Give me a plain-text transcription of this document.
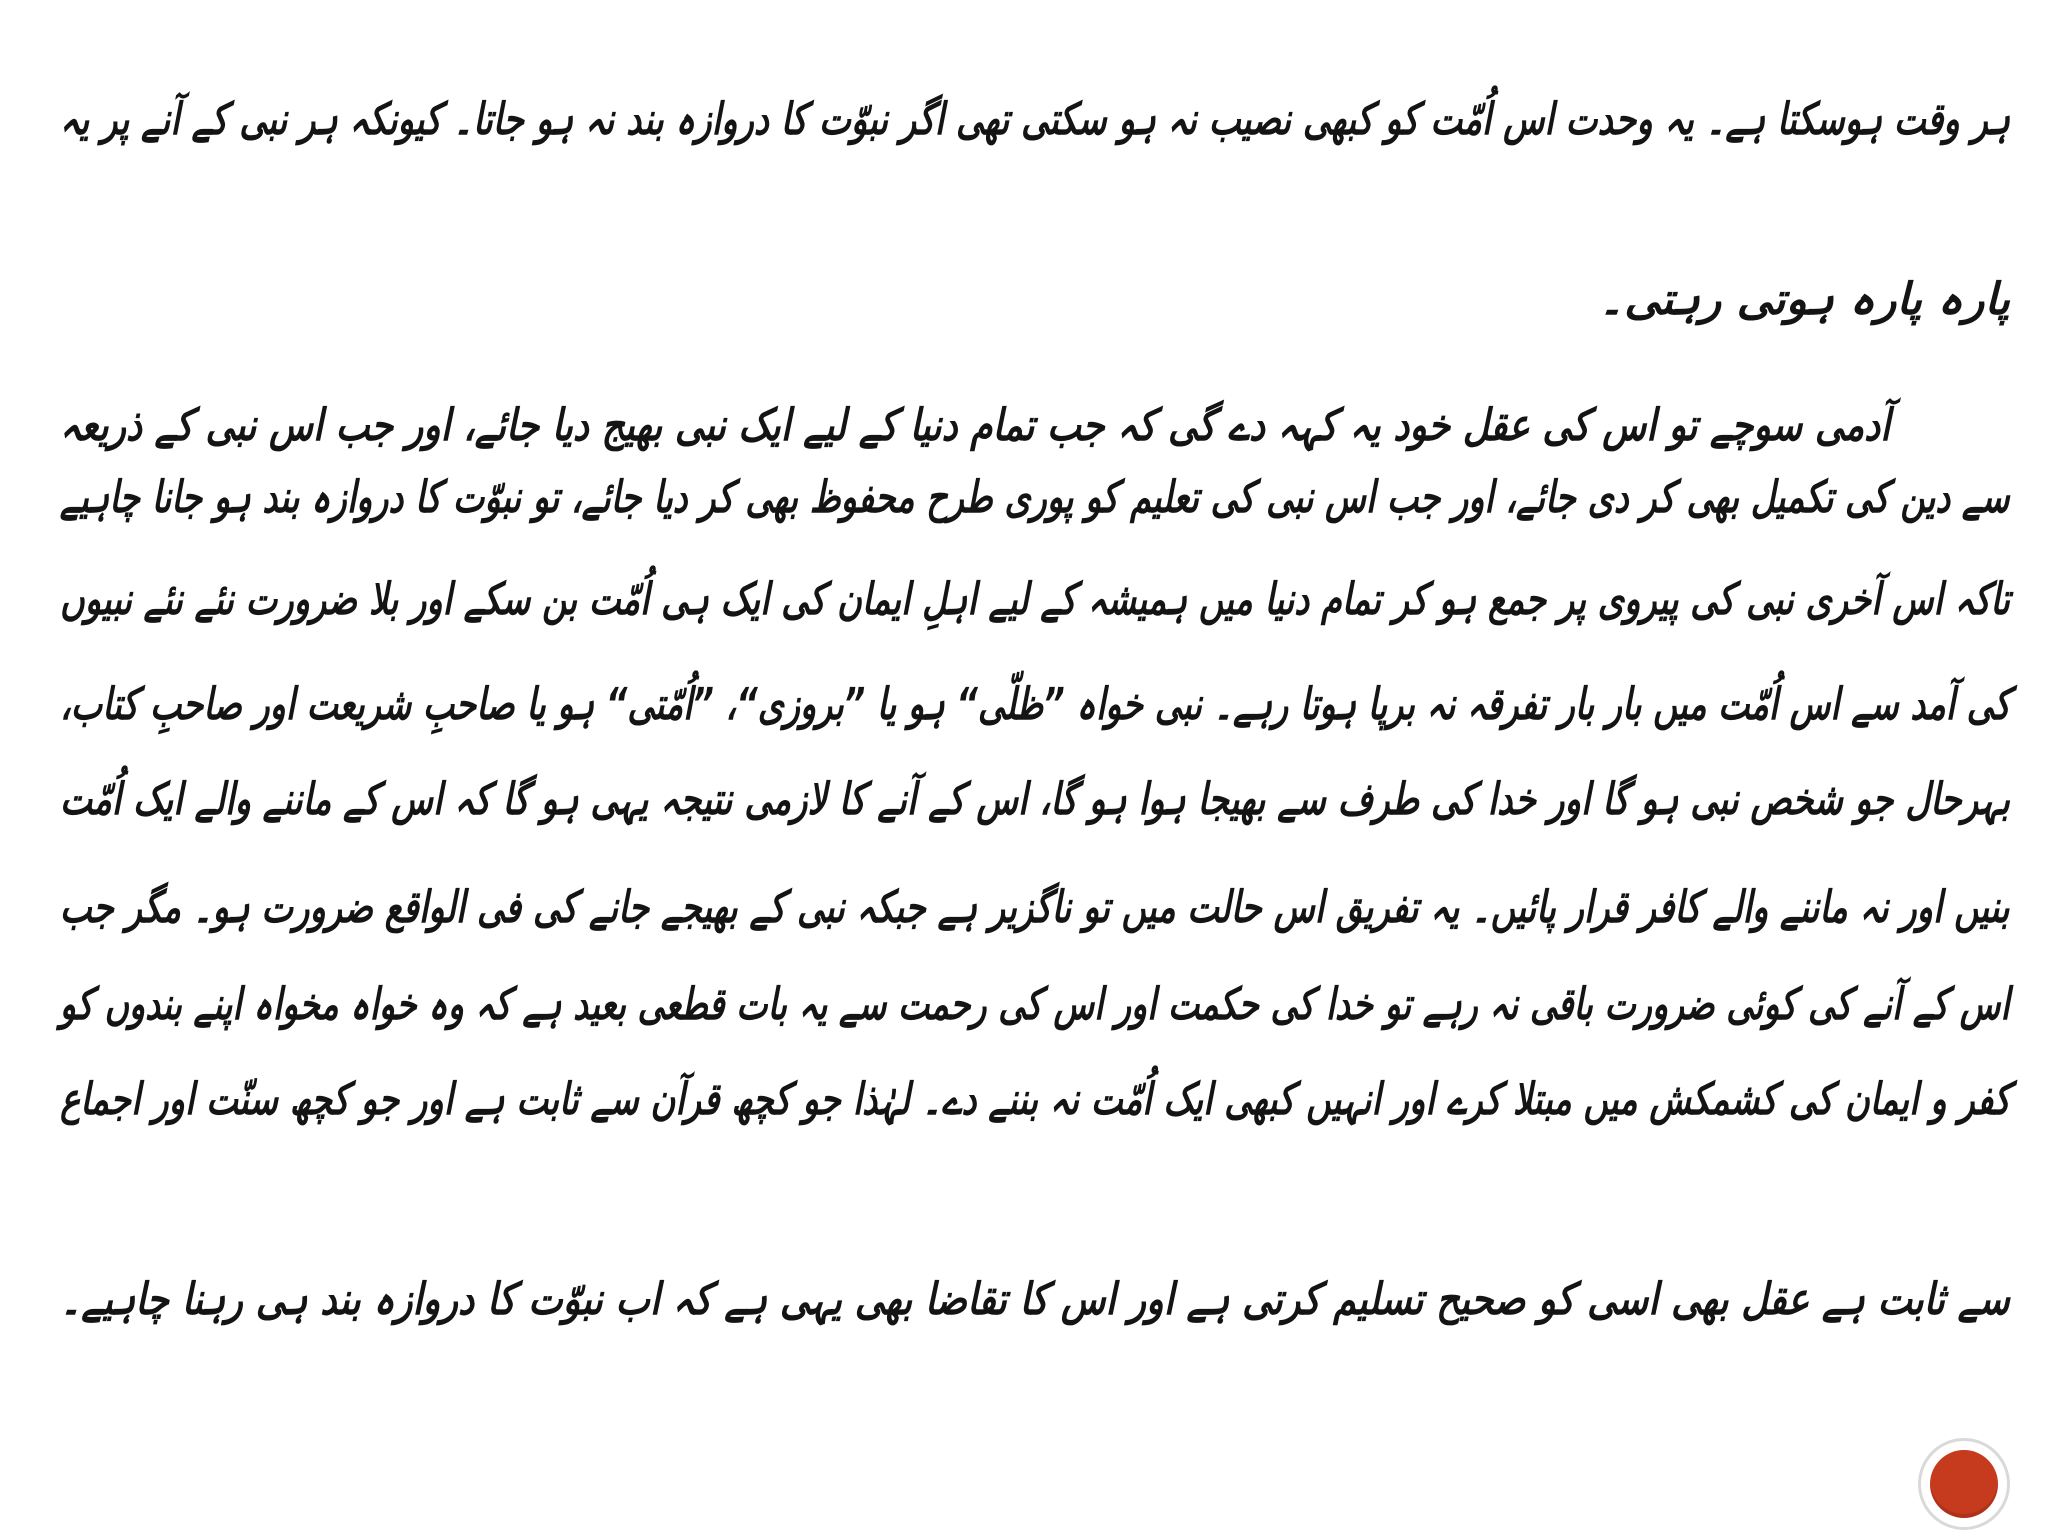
ہر وقت ہوسکتا ہے۔ یہ وحدت اس اُمّت کو کبھی نصیب نہ ہو سکتی تھی اگر نبوّت کا دروازہ بند نہ ہو جاتا۔ کیونکہ ہر نبی کے آنے پر یہ
پارہ پارہ ہوتی رہتی۔
آدمی سوچے تو اس کی عقل خود یہ کہہ دے گی کہ جب تمام دنیا کے لیے ایک نبی بھیج دیا جائے، اور جب اس نبی کے ذریعہ
سے دین کی تکمیل بھی کر دی جائے، اور جب اس نبی کی تعلیم کو پوری طرح محفوظ بھی کر دیا جائے، تو نبوّت کا دروازہ بند ہو جانا چاہیے
تاکہ اس آخری نبی کی پیروی پر جمع ہو کر تمام دنیا میں ہمیشہ کے لیے اہلِ ایمان کی ایک ہی اُمّت بن سکے اور بلا ضرورت نئے نئے نبیوں
کی آمد سے اس اُمّت میں بار بار تفرقہ نہ برپا ہوتا رہے۔ نبی خواہ ”ظلّی“ ہو یا ”بروزی“، ”اُمّتی“ ہو یا صاحبِ شریعت اور صاحبِ کتاب،
بہرحال جو شخص نبی ہو گا اور خدا کی طرف سے بھیجا ہوا ہو گا، اس کے آنے کا لازمی نتیجہ یہی ہو گا کہ اس کے ماننے والے ایک اُمّت
بنیں اور نہ ماننے والے کافر قرار پائیں۔ یہ تفریق اس حالت میں تو ناگزیر ہے جبکہ نبی کے بھیجے جانے کی فی الواقع ضرورت ہو۔ مگر جب
اس کے آنے کی کوئی ضرورت باقی نہ رہے تو خدا کی حکمت اور اس کی رحمت سے یہ بات قطعی بعید ہے کہ وہ خواہ مخواہ اپنے بندوں کو
کفر و ایمان کی کشمکش میں مبتلا کرے اور انہیں کبھی ایک اُمّت نہ بننے دے۔ لہٰذا جو کچھ قرآن سے ثابت ہے اور جو کچھ سنّت اور اجماع
سے ثابت ہے عقل بھی اسی کو صحیح تسلیم کرتی ہے اور اس کا تقاضا بھی یہی ہے کہ اب نبوّت کا دروازہ بند ہی رہنا چاہیے۔
